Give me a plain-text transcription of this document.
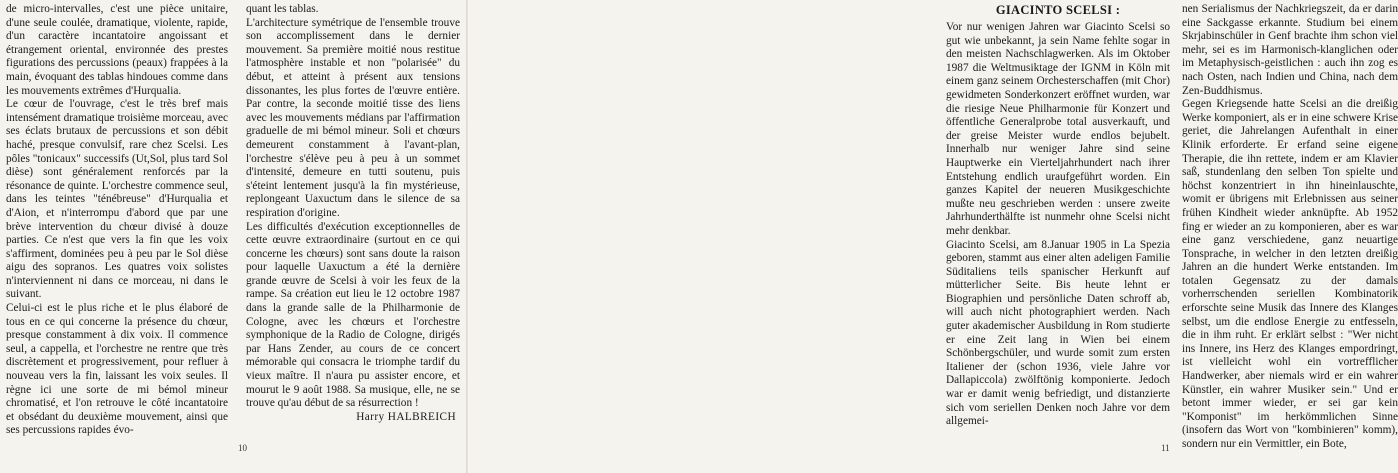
de micro-intervalles, c'est une pièce unitaire, d'une seule coulée, dramatique, violente, rapide, d'un caractère incantatoire angoissant et étrangement oriental, environnée des prestes figurations des percussions (peaux) frappées à la main, évoquant des tablas hindoues comme dans les mouvements extrêmes d'Hurqualia.

Le cœur de l'ouvrage, c'est le très bref mais intensément dramatique troisième morceau, avec ses éclats brutaux de percussions et son débit haché, presque convulsif, rare chez Scelsi. Les pôles "tonicaux" successifs (Ut,Sol, plus tard Sol dièse) sont généralement renforcés par la résonance de quinte. L'orchestre commence seul, dans les teintes "ténébreuse" d'Hurqualia et d'Aion, et n'interrompu d'abord que par une brève intervention du chœur divisé à douze parties. Ce n'est que vers la fin que les voix s'affirment, dominées peu à peu par le Sol dièse aigu des sopranos. Les quatres voix solistes n'interviennent ni dans ce morceau, ni dans le suivant.

Celui-ci est le plus riche et le plus élaboré de tous en ce qui concerne la présence du chœur, presque constamment à dix voix. Il commence seul, a cappella, et l'orchestre ne rentre que très discrètement et progressivement, pour refluer à nouveau vers la fin, laissant les voix seules. Il règne ici une sorte de mi bémol mineur chromatisé, et l'on retrouve le côté incantatoire et obsédant du deuxième mouvement, ainsi que ses percussions rapides évo-

quant les tablas.

L'architecture symétrique de l'ensemble trouve son accomplissement dans le dernier mouvement. Sa première moitié nous restitue l'atmosphère instable et non "polarisée" du début, et atteint à présent aux tensions dissonantes, les plus fortes de l'œuvre entière. Par contre, la seconde moitié tisse des liens avec les mouvements médians par l'affirmation graduelle de mi bémol mineur. Soli et chœurs demeurent constamment à l'avant-plan, l'orchestre s'élève peu à peu à un sommet d'intensité, demeure en tutti soutenu, puis s'éteint lentement jusqu'à la fin mystérieuse, replongeant Uaxuctum dans le silence de sa respiration d'origine.

Les difficultés d'exécution exceptionnelles de cette œuvre extraordinaire (surtout en ce qui concerne les chœurs) sont sans doute la raison pour laquelle Uaxuctum a été la dernière grande œuvre de Scelsi à voir les feux de la rampe. Sa création eut lieu le 12 octobre 1987 dans la grande salle de la Philharmonie de Cologne, avec les chœurs et l'orchestre symphonique de la Radio de Cologne, dirigés par Hans Zender, au cours de ce concert mémorable qui consacra le triomphe tardif du vieux maître. Il n'aura pu assister encore, et mourut le 9 août 1988. Sa musique, elle, ne se trouve qu'au début de sa résurrection !

Harry HALBREICH

10
GIACINTO SCELSI :

Vor nur wenigen Jahren war Giacinto Scelsi so gut wie unbekannt, ja sein Name fehlte sogar in den meisten Nachschlagwerken. Als im Oktober 1987 die Weltmusiktage der IGNM in Köln mit einem ganz seinem Orchesterschaffen (mit Chor) gewidmeten Sonderkonzert eröffnet wurden, war die riesige Neue Philharmonie für Konzert und öffentliche Generalprobe total ausverkauft, und der greise Meister wurde endlos bejubelt. Innerhalb nur weniger Jahre sind seine Hauptwerke ein Vierteljahrhundert nach ihrer Entstehung endlich uraufgeführt worden. Ein ganzes Kapitel der neueren Musikgeschichte mußte neu geschrieben werden : unsere zweite Jahrhunderthälfte ist nunmehr ohne Scelsi nicht mehr denkbar.

Giacinto Scelsi, am 8.Januar 1905 in La Spezia geboren, stammt aus einer alten adeligen Familie Süditaliens teils spanischer Herkunft auf mütterlicher Seite. Bis heute lehnt er Biographien und persönliche Daten schroff ab, will auch nicht photographiert werden. Nach guter akademischer Ausbildung in Rom studierte er eine Zeit lang in Wien bei einem Schönbergschüler, und wurde somit zum ersten Italiener der (schon 1936, viele Jahre vor Dallapiccola) zwölftönig komponierte. Jedoch war er damit wenig befriedigt, und distanzierte sich vom seriellen Denken noch Jahre vor dem allgemei-

nen Serialismus der Nachkriegszeit, da er darin eine Sackgasse erkannte. Studium bei einem Skrjabinschüler in Genf brachte ihm schon viel mehr, sei es im Harmonisch-klanglichen oder im Metaphysisch-geistlichen : auch ihn zog es nach Osten, nach Indien und China, nach dem Zen-Buddhismus.

Gegen Kriegsende hatte Scelsi an die dreißig Werke komponiert, als er in eine schwere Krise geriet, die Jahrelangen Aufenthalt in einer Klinik erforderte. Er erfand seine eigene Therapie, die ihn rettete, indem er am Klavier saß, stundenlang den selben Ton spielte und höchst konzentriert in ihn hineinlauschte, womit er übrigens mit Erlebnissen aus seiner frühen Kindheit wieder anknüpfte. Ab 1952 fing er wieder an zu komponieren, aber es war eine ganz verschiedene, ganz neuartige Tonsprache, in welcher in den letzten dreißig Jahren an die hundert Werke entstanden. Im totalen Gegensatz zu der damals vorherrschenden seriellen Kombinatorik erforschte seine Musik das Innere des Klanges selbst, um die endlose Energie zu entfesseln, die in ihm ruht. Er erklärt selbst : "Wer nicht ins Innere, ins Herz des Klanges empordringt, ist vielleicht wohl ein vortrefflicher Handwerker, aber niemals wird er ein wahrer Künstler, ein wahrer Musiker sein." Und er betont immer wieder, er sei gar kein "Komponist" im herkömmlichen Sinne (insofern das Wort von "kombinieren" komm), sondern nur ein Vermittler, ein Bote,

11
